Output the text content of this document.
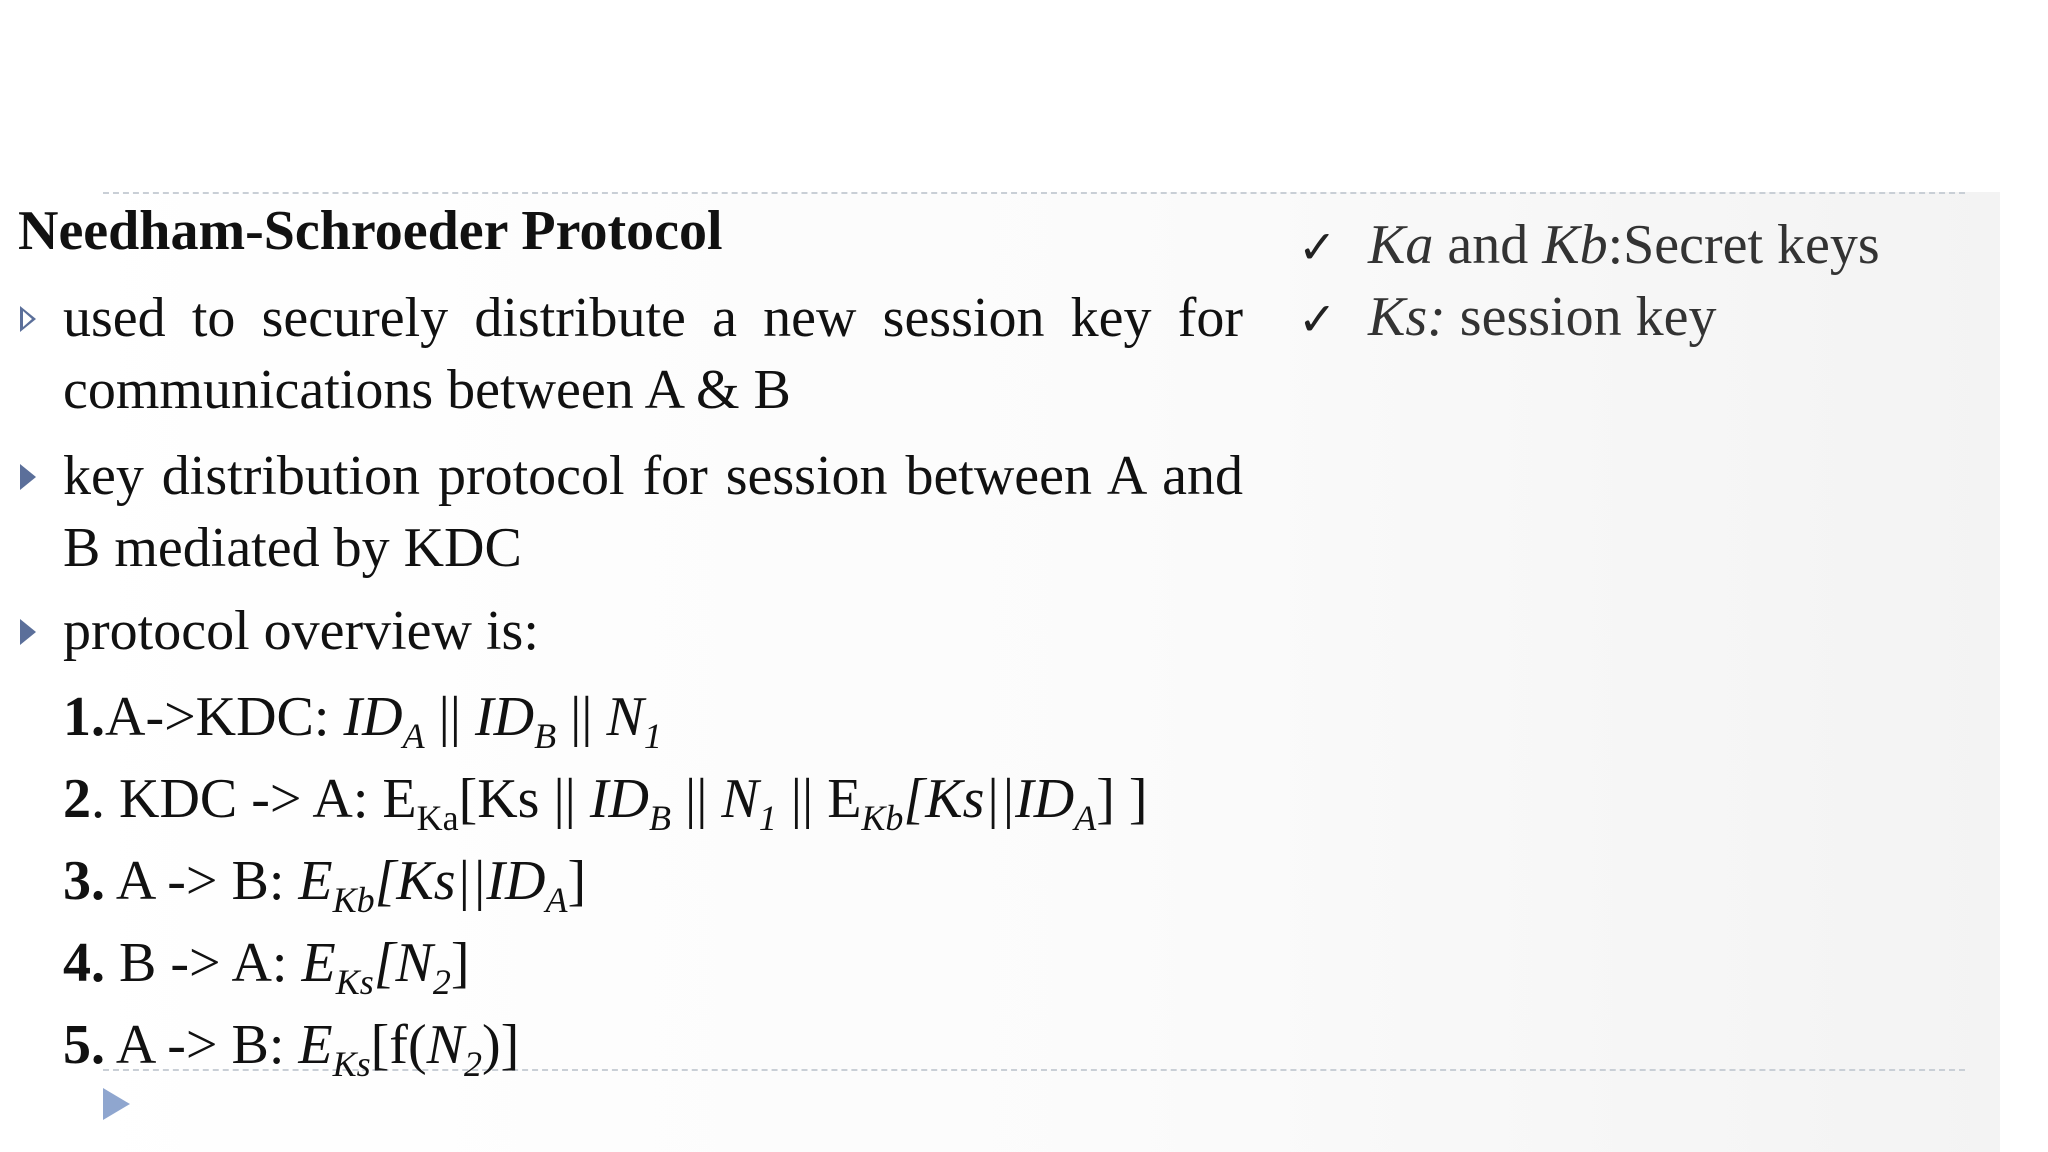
Needham-Schroeder Protocol
used to securely distribute a new session key for communications between A & B
key distribution protocol for session between A and B mediated by KDC
protocol overview is:
1.A->KDC: $ID_A$ || $ID_B$ || $N_1$
2. KDC -> A: $E_{Ka}[Ks$ || $ID_B$ || $N_1$ || $E_{Kb}[Ks||ID_A]$ ]
3. A -> B: $E_{Kb}[Ks||ID_A]$
4. B -> A: $E_{Ks}[N_2]$
5. A -> B: $E_{Ks}[f(N_2)]$
✓ Ka and Kb:Secret keys
✓ Ks: session key
